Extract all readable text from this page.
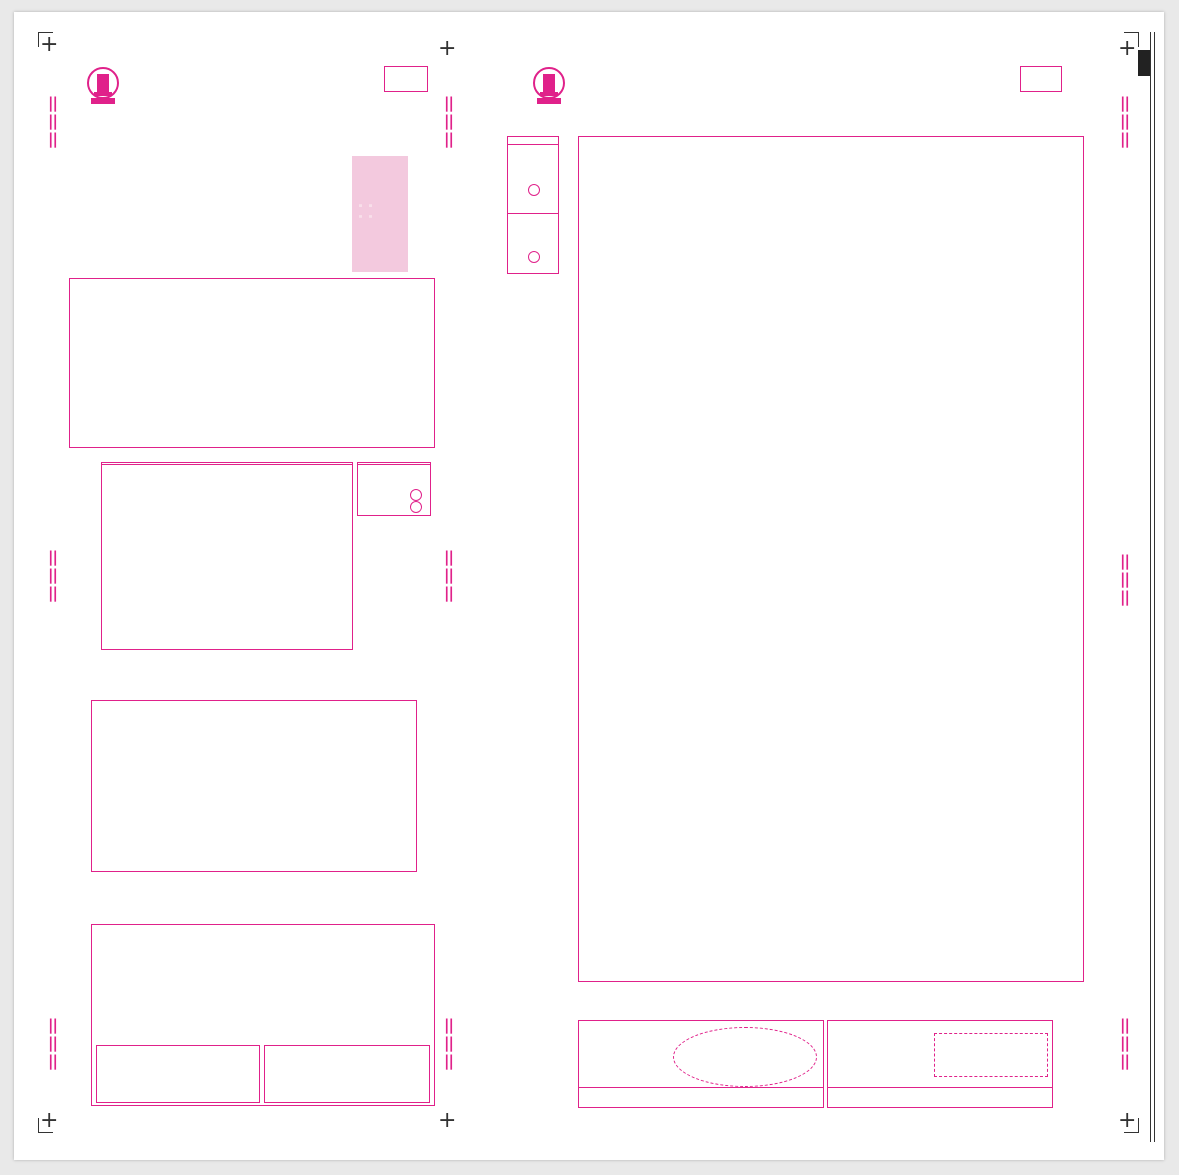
+	+	+
+	+	+
||
||
||
||
||
||
||
||
||
||
||
||
||
||
||
||
||
||
||
||
||
||
||
||
||
||
||
∷
